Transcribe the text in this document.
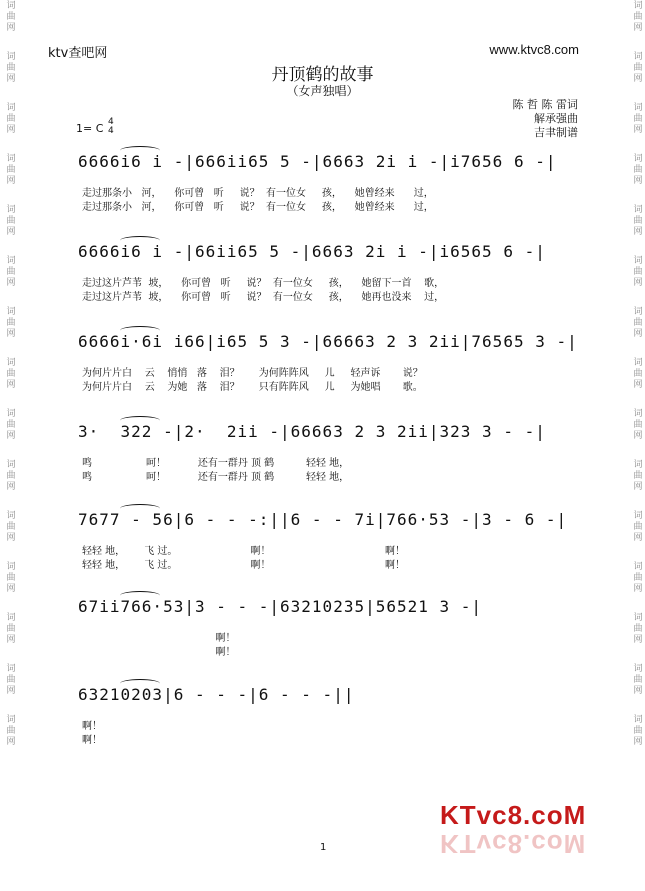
词曲网
词曲网
词曲网
词曲网
词曲网
词曲网
词曲网
词曲网
词曲网
词曲网
词曲网
词曲网
词曲网
词曲网
词曲网
词曲网
词曲网
词曲网
词曲网
词曲网
词曲网
词曲网
词曲网
词曲网
词曲网
词曲网
词曲网
词曲网
词曲网
词曲网
ktv查吧网	www.ktvc8.com
丹顶鹤的故事
（女声独唱）
陈 哲 陈 雷词
解承强曲
吉聿制谱
1= C 4
4
6666i6 i -|666ii65 5 -|6663 2i i -|i7656 6 -|
走过那条小   河，    你可曾   听     说？  有一位女     孩，    她曾经来      过，
走过那条小   河，    你可曾   听     说？  有一位女     孩，    她曾经来      过，
6666i6 i -|66ii65 5 -|6663 2i i -|i6565 6 -|
走过这片芦苇  坡，    你可曾   听     说？  有一位女     孩，    她留下一首    歌，
走过这片芦苇  坡，    你可曾   听     说？  有一位女     孩，    她再也没来    过，
6666i·6i i66|i65 5 3 -|66663 2 3 2ii|76565 3 -|
为何片片白    云    悄悄   落    泪？      为何阵阵风     儿     轻声诉       说？
为何片片白    云    为她   落    泪？      只有阵阵风     儿     为她唱       歌。
3·  322 -|2·  2ii -|66663 2 3 2ii|323 3 - -|
鸣                 呵！          还有一群丹 顶 鹤          轻轻 地，
鸣                 呵！          还有一群丹 顶 鹤          轻轻 地，
7677 - 56|6 - - -:||6 - - 7i|766·53 -|3 - 6 -|
轻轻 地，      飞 过。                       啊！                                    啊！
轻轻 地，      飞 过。                       啊！                                    啊！
67ii766·53|3 - - -|63210235|56521 3 -|
啊！
啊！
63210203|6 - - -|6 - - -||
啊！
啊！
1
KTvc8.coM
KTvc8.coM
